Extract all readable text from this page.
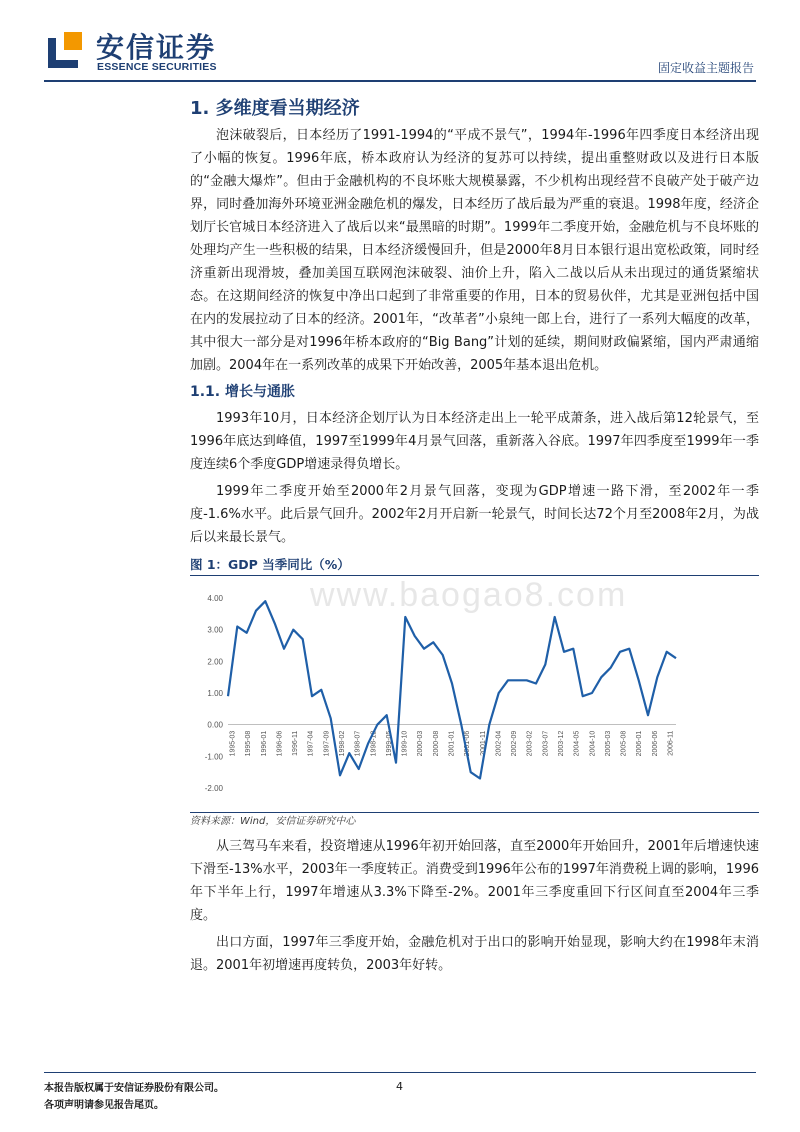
安信证券
ESSENCE SECURITIES	固定收益主题报告
1. 多维度看当期经济

泡沫破裂后，日本经历了1991-1994的“平成不景气”，1994年-1996年四季度日本经济出现了小幅的恢复。1996年底，桥本政府认为经济的复苏可以持续，提出重整财政以及进行日本版的“金融大爆炸”。但由于金融机构的不良坏账大规模暴露，不少机构出现经营不良破产处于破产边界，同时叠加海外环境亚洲金融危机的爆发，日本经历了战后最为严重的衰退。1998年度，经济企划厅长官城日本经济进入了战后以来“最黑暗的时期”。1999年二季度开始，金融危机与不良坏账的处理均产生一些积极的结果，日本经济缓慢回升，但是2000年8月日本银行退出宽松政策，同时经济重新出现滑坡，叠加美国互联网泡沫破裂、油价上升，陷入二战以后从未出现过的通货紧缩状态。在这期间经济的恢复中净出口起到了非常重要的作用，日本的贸易伙伴，尤其是亚洲包括中国在内的发展拉动了日本的经济。2001年，“改革者”小泉纯一郎上台，进行了一系列大幅度的改革，其中很大一部分是对1996年桥本政府的“Big Bang”计划的延续，期间财政偏紧缩，国内严肃通缩加剧。2004年在一系列改革的成果下开始改善，2005年基本退出危机。

1.1. 增长与通胀

1993年10月，日本经济企划厅认为日本经济走出上一轮平成萧条，进入战后第12轮景气，至1996年底达到峰值，1997至1999年4月景气回落，重新落入谷底。1997年四季度至1999年一季度连续6个季度GDP增速录得负增长。

1999年二季度开始至2000年2月景气回落，变现为GDP增速一路下滑，至2002年一季度-1.6%水平。此后景气回升。2002年2月开启新一轮景气，时间长达72个月至2008年2月，为战后以来最长景气。

图 1：GDP 当季同比（%）
-2.00
-1.00
0.00
1.00
2.00
3.00
4.00
1995-03 1995-08 1996-01 1996-06 1996-11 1997-04 1997-09 1998-02 1998-07 1998-12 1999-05 1999-10 2000-03 2000-08 2001-01 2001-06 2001-11 2002-04 2002-09 2003-02 2003-07 2003-12 2004-05 2004-10 2005-03 2005-08 2006-01 2006-06 2006-11
www.baogao8.com
资料来源：Wind，安信证券研究中心

从三驾马车来看，投资增速从1996年初开始回落，直至2000年开始回升，2001年后增速快速下滑至-13%水平，2003年一季度转正。消费受到1996年公布的1997年消费税上调的影响，1996年下半年上行，1997年增速从3.3%下降至-2%。2001年三季度重回下行区间直至2004年三季度。

出口方面，1997年三季度开始，金融危机对于出口的影响开始显现，影响大约在1998年末消退。2001年初增速再度转负，2003年好转。

本报告版权属于安信证券股份有限公司。
各项声明请参见报告尾页。
4
